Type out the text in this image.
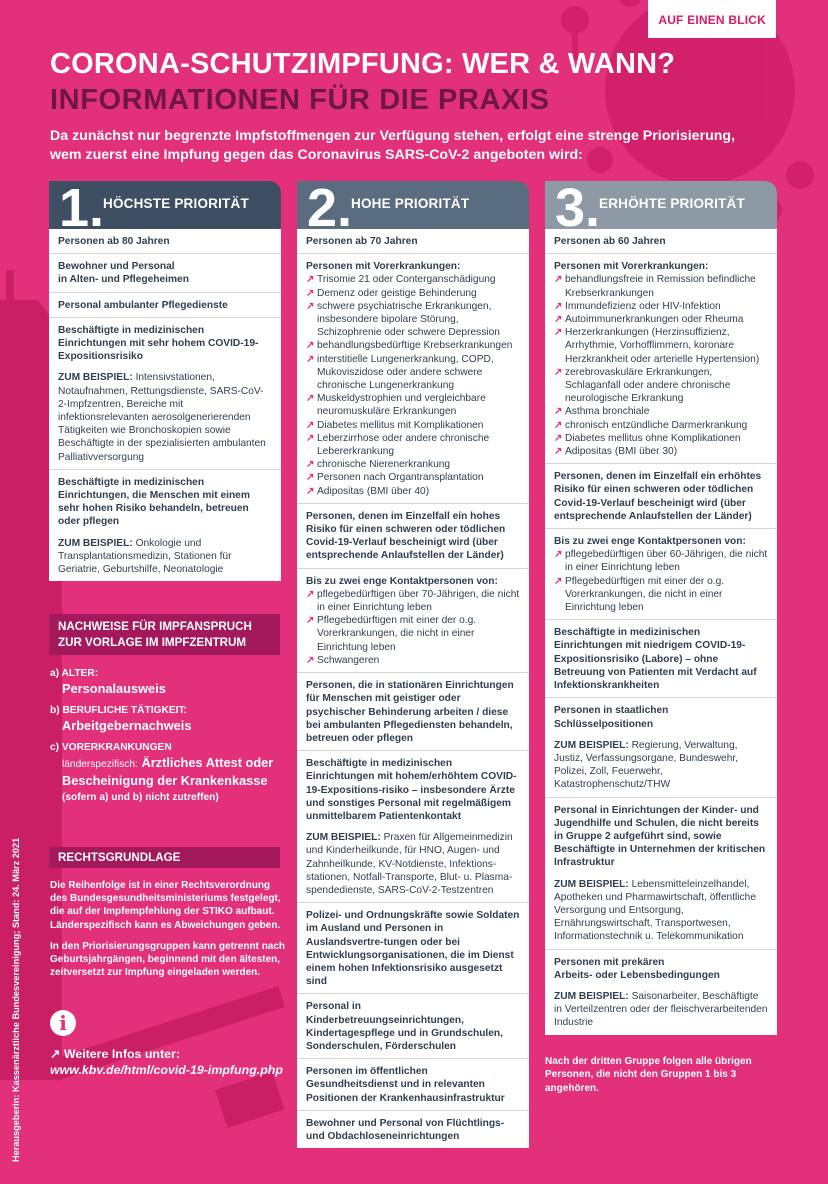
AUF EINEN BLICK
CORONA-SCHUTZIMPFUNG: WER & WANN?
INFORMATIONEN FÜR DIE PRAXIS
Da zunächst nur begrenzte Impfstoffmengen zur Verfügung stehen, erfolgt eine strenge Priorisierung, wem zuerst eine Impfung gegen das Coronavirus SARS-CoV-2 angeboten wird:
1.
HÖCHSTE PRIORITÄT
Personen ab 80 Jahren
Bewohner und Personal
in Alten- und Pflegeheimen
Personal ambulanter Pflegedienste
Beschäftigte in medizinischen Einrichtungen mit sehr hohem COVID-19-Expositionsrisiko
ZUM BEISPIEL: Intensivstationen, Notaufnahmen, Rettungsdienste, SARS-CoV-2-Impfzentren, Bereiche mit infektionsrelevanten aerosolgenerierenden Tätigkeiten wie Bronchoskopien sowie Beschäftigte in der spezialisierten ambulanten Palliativversorgung
Beschäftigte in medizinischen Einrichtungen, die Menschen mit einem sehr hohen Risiko behandeln, betreuen oder pflegen
ZUM BEISPIEL: Onkologie und Transplantationsmedizin, Stationen für Geriatrie, Geburtshilfe, Neonatologie
2.
HOHE PRIORITÄT
Personen ab 70 Jahren
Personen mit Vorerkrankungen:
↗ Trisomie 21 oder Conterganschädigung
↗ Demenz oder geistige Behinderung
↗ schwere psychiatrische Erkrankungen, insbesondere bipolare Störung, Schizophrenie oder schwere Depression
↗ behandlungsbedürftige Krebserkrankungen
↗ interstitielle Lungenerkrankung, COPD, Mukoviszidose oder andere schwere chronische Lungenerkrankung
↗ Muskeldystrophien und vergleichbare neuromuskuläre Erkrankungen
↗ Diabetes mellitus mit Komplikationen
↗ Leberzirrhose oder andere chronische Lebererkrankung
↗ chronische Nierenerkrankung
↗ Personen nach Organtransplantation
↗ Adipositas (BMI über 40)
Personen, denen im Einzelfall ein hohes Risiko für einen schweren oder tödlichen Covid-19-Verlauf bescheinigt wird (über entsprechende Anlaufstellen der Länder)
Bis zu zwei enge Kontaktpersonen von:
↗ pflegebedürftigen über 70-Jährigen, die nicht in einer Einrichtung leben
↗ Pflegebedürftigen mit einer der o.g. Vorerkrankungen, die nicht in einer Einrichtung leben
↗ Schwangeren
Personen, die in stationären Einrichtungen für Menschen mit geistiger oder psychischer Behinderung arbeiten / diese bei ambulanten Pflegediensten behandeln, betreuen oder pflegen
Beschäftigte in medizinischen Einrichtungen mit hohem/erhöhtem COVID-19-Expositions-risiko – insbesondere Ärzte und sonstiges Personal mit regelmäßigem unmittelbarem Patientenkontakt
ZUM BEISPIEL: Praxen für Allgemeinmedizin und Kinderheilkunde, für HNO, Augen- und Zahnheilkunde, KV-Notdienste, Infektions-stationen, Notfall-Transporte, Blut- u. Plasma-spendedienste, SARS-CoV-2-Testzentren
Polizei- und Ordnungskräfte sowie Soldaten im Ausland und Personen in Auslandsvertre-tungen oder bei Entwicklungsorganisationen, die im Dienst einem hohen Infektionsrisiko ausgesetzt sind
Personal in Kinderbetreuungseinrichtungen, Kindertagespflege und in Grundschulen, Sonderschulen, Förderschulen
Personen im öffentlichen Gesundheitsdienst und in relevanten Positionen der Krankenhausinfrastruktur
Bewohner und Personal von Flüchtlings- und Obdachloseneinrichtungen
3.
ERHÖHTE PRIORITÄT
Personen ab 60 Jahren
Personen mit Vorerkrankungen:
↗ behandlungsfreie in Remission befindliche Krebserkrankungen
↗ Immundefizienz oder HIV-Infektion
↗ Autoimmunerkrankungen oder Rheuma
↗ Herzerkrankungen (Herzinsuffizienz, Arrhythmie, Vorhofflimmern, koronare Herzkrankheit oder arterielle Hypertension)
↗ zerebrovaskuläre Erkrankungen, Schlaganfall oder andere chronische neurologische Erkrankung
↗ Asthma bronchiale
↗ chronisch entzündliche Darmerkrankung
↗ Diabetes mellitus ohne Komplikationen
↗ Adipositas (BMI über 30)
Personen, denen im Einzelfall ein erhöhtes Risiko für einen schweren oder tödlichen Covid-19-Verlauf bescheinigt wird (über entsprechende Anlaufstellen der Länder)
Bis zu zwei enge Kontaktpersonen von:
↗ pflegebedürftigen über 60-Jährigen, die nicht in einer Einrichtung leben
↗ Pflegebedürftigen mit einer der o.g. Vorerkrankungen, die nicht in einer Einrichtung leben
Beschäftigte in medizinischen Einrichtungen mit niedrigem COVID-19-Expositionsrisiko (Labore) – ohne Betreuung von Patienten mit Verdacht auf Infektionskrankheiten
Personen in staatlichen Schlüsselpositionen
ZUM BEISPIEL: Regierung, Verwaltung, Justiz, Verfassungsorgane, Bundeswehr, Polizei, Zoll, Feuerwehr, Katastrophenschutz/THW
Personal in Einrichtungen der Kinder- und Jugendhilfe und Schulen, die nicht bereits in Gruppe 2 aufgeführt sind, sowie Beschäftigte in Unternehmen der kritischen Infrastruktur
ZUM BEISPIEL: Lebensmitteleinzelhandel, Apotheken und Pharmawirtschaft, öffentliche Versorgung und Entsorgung, Ernährungswirtschaft, Transportwesen, Informationstechnik u. Telekommunikation
Personen mit prekären
Arbeits- oder Lebensbedingungen
ZUM BEISPIEL: Saisonarbeiter, Beschäftigte in Verteilzentren oder der fleischverarbeitenden Industrie
NACHWEISE FÜR IMPFANSPRUCH
ZUR VORLAGE IM IMPFZENTRUM
a) ALTER:
Personalausweis
b) BERUFLICHE TÄTIGKEIT:
Arbeitgebernachweis
c) VORERKRANKUNGEN
länderspezifisch: Ärztliches Attest oder Bescheinigung der Krankenkasse
(sofern a) und b) nicht zutreffen)
RECHTSGRUNDLAGE
Die Reihenfolge ist in einer Rechtsverordnung des Bundesgesundheitsministeriums festgelegt, die auf der Impfempfehlung der STIKO aufbaut. Länderspezifisch kann es Abweichungen geben.
In den Priorisierungsgruppen kann getrennt nach Geburtsjahrgängen, beginnend mit den ältesten, zeitversetzt zur Impfung eingeladen werden.
i
↗ Weitere Infos unter:
www.kbv.de/html/covid-19-impfung.php
Herausgeberin: Kassenärztliche Bundesvereinigung; Stand: 24. März 2021	Nach der dritten Gruppe folgen alle übrigen Personen, die nicht den Gruppen 1 bis 3 angehören.
